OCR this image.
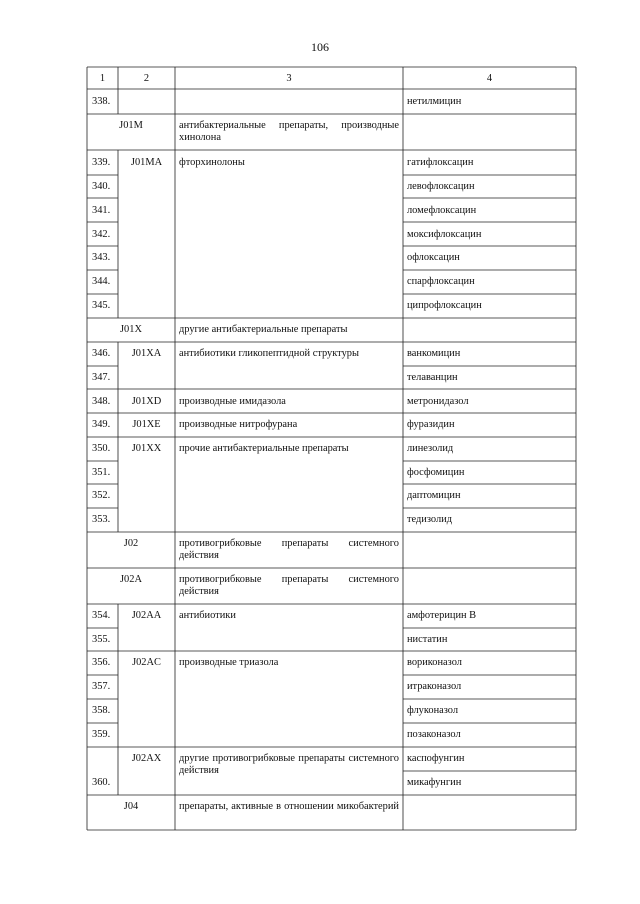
106
1	2	3	4
338.	нетилмицин
J01M	антибактериальные препараты, производные хинолона
339.	J01MA	фторхинолоны	гатифлоксацин
340.	левофлоксацин
341.	ломефлоксацин
342.	моксифлоксацин
343.	офлоксацин
344.	спарфлоксацин
345.	ципрофлоксацин
J01X	другие антибактериальные препараты
346.	J01XA	антибиотики гликопептидной структуры	ванкомицин
347.	телаванцин
348.	J01XD	производные имидазола	метронидазол
349.	J01XE	производные нитрофурана	фуразидин
350.	J01XX	прочие антибактериальные препараты	линезолид
351.	фосфомицин
352.	даптомицин
353.	тедизолид
J02	противогрибковые препараты системного действия
J02A	противогрибковые препараты системного действия
354.	J02AA	антибиотики	амфотерицин В
355.	нистатин
356.	J02AC	производные триазола	вориконазол
357.	итраконазол
358.	флуконазол
359.	позаконазол
J02AX	другие противогрибковые препараты системного действия
каспофунгин
360.	микафунгин
J04	препараты, активные в отношении микобактерий
